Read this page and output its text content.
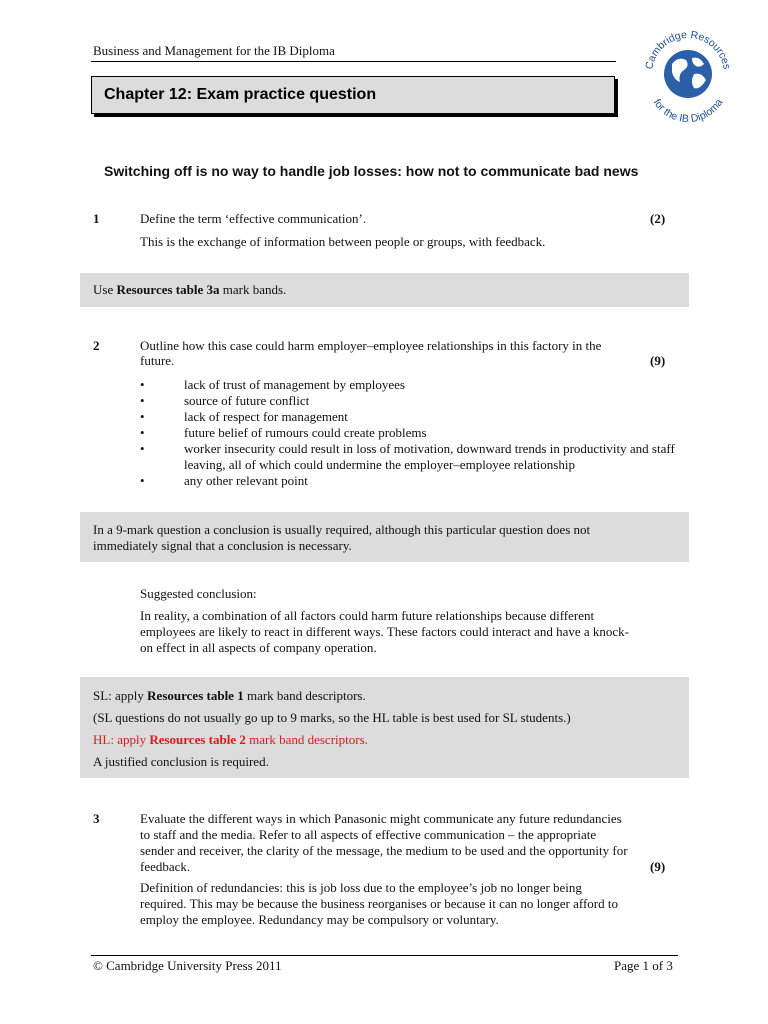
Business and Management for the IB Diploma
Chapter 12: Exam practice question
Cambridge Resources
for the IB Diploma
Switching off is no way to handle job losses: how not to communicate bad news
1	Define the term ‘effective communication’.	(2)
This is the exchange of information between people or groups, with feedback.
Use Resources table 3a mark bands.
2	Outline how this case could harm employer–employee relationships in this factory in the
future.	(9)
•	lack of trust of management by employees
•	source of future conflict
•	lack of respect for management
•	future belief of rumours could create problems
•	worker insecurity could result in loss of motivation, downward trends in productivity and staff leaving, all of which could undermine the employer–employee relationship
•	any other relevant point
In a 9-mark question a conclusion is usually required, although this particular question does not
immediately signal that a conclusion is necessary.
Suggested conclusion:
In reality, a combination of all factors could harm future relationships because different
employees are likely to react in different ways. These factors could interact and have a knock-
on effect in all aspects of company operation.

SL: apply Resources table 1 mark band descriptors.

(SL questions do not usually go up to 9 marks, so the HL table is best used for SL students.)

HL: apply Resources table 2 mark band descriptors.

A justified conclusion is required.

3	Evaluate the different ways in which Panasonic might communicate any future redundancies
to staff and the media. Refer to all aspects of effective communication – the appropriate
sender and receiver, the clarity of the message, the medium to be used and the opportunity for
feedback.	(9)
Definition of redundancies: this is job loss due to the employee’s job no longer being
required. This may be because the business reorganises or because it can no longer afford to
employ the employee. Redundancy may be compulsory or voluntary.
© Cambridge University Press 2011	Page 1 of 3
